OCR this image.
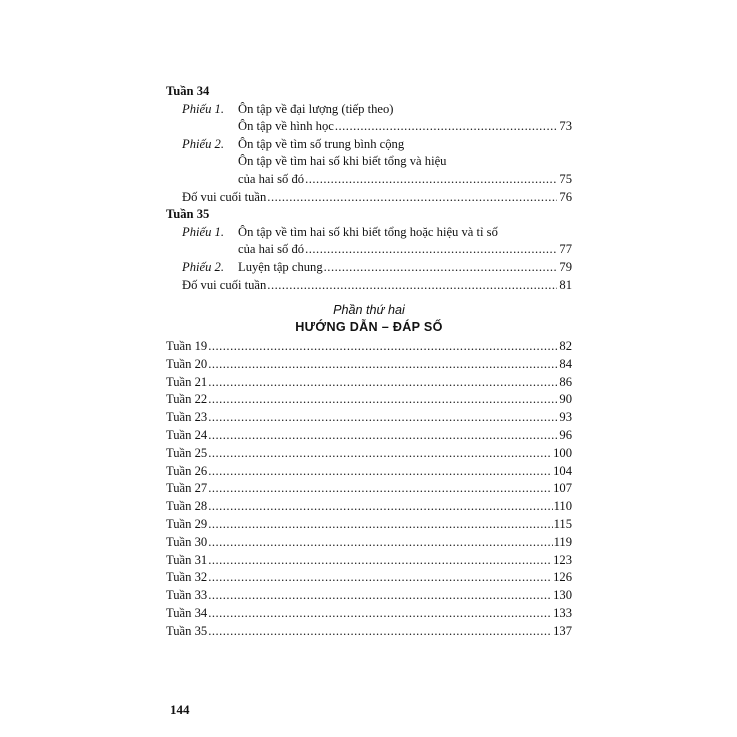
Tuần 34
Phiếu 1.	Ôn tập về đại lượng (tiếp theo)
Ôn tập về hình học .....	73
Phiếu 2.	Ôn tập về tìm số trung bình cộng
Ôn tập về tìm hai số khi biết tổng và hiệu
của hai số đó .....	75
Đố vui cuối tuần .....	76
Tuần 35
Phiếu 1.	Ôn tập về tìm hai số khi biết tổng hoặc hiệu và tỉ số
của hai số đó .....	77
Phiếu 2.	Luyện tập chung .....	79
Đố vui cuối tuần .....	81
Phần thứ hai
HƯỚNG DẪN – ĐÁP SỐ
Tuần 19 .....	82
Tuần 20 .....	84
Tuần 21 .....	86
Tuần 22 .....	90
Tuần 23 .....	93
Tuần 24 .....	96
Tuần 25 .....	100
Tuần 26 .....	104
Tuần 27 .....	107
Tuần 28 .....	110
Tuần 29 .....	115
Tuần 30 .....	119
Tuần 31 .....	123
Tuần 32 .....	126
Tuần 33 .....	130
Tuần 34 .....	133
Tuần 35 .....	137
144
